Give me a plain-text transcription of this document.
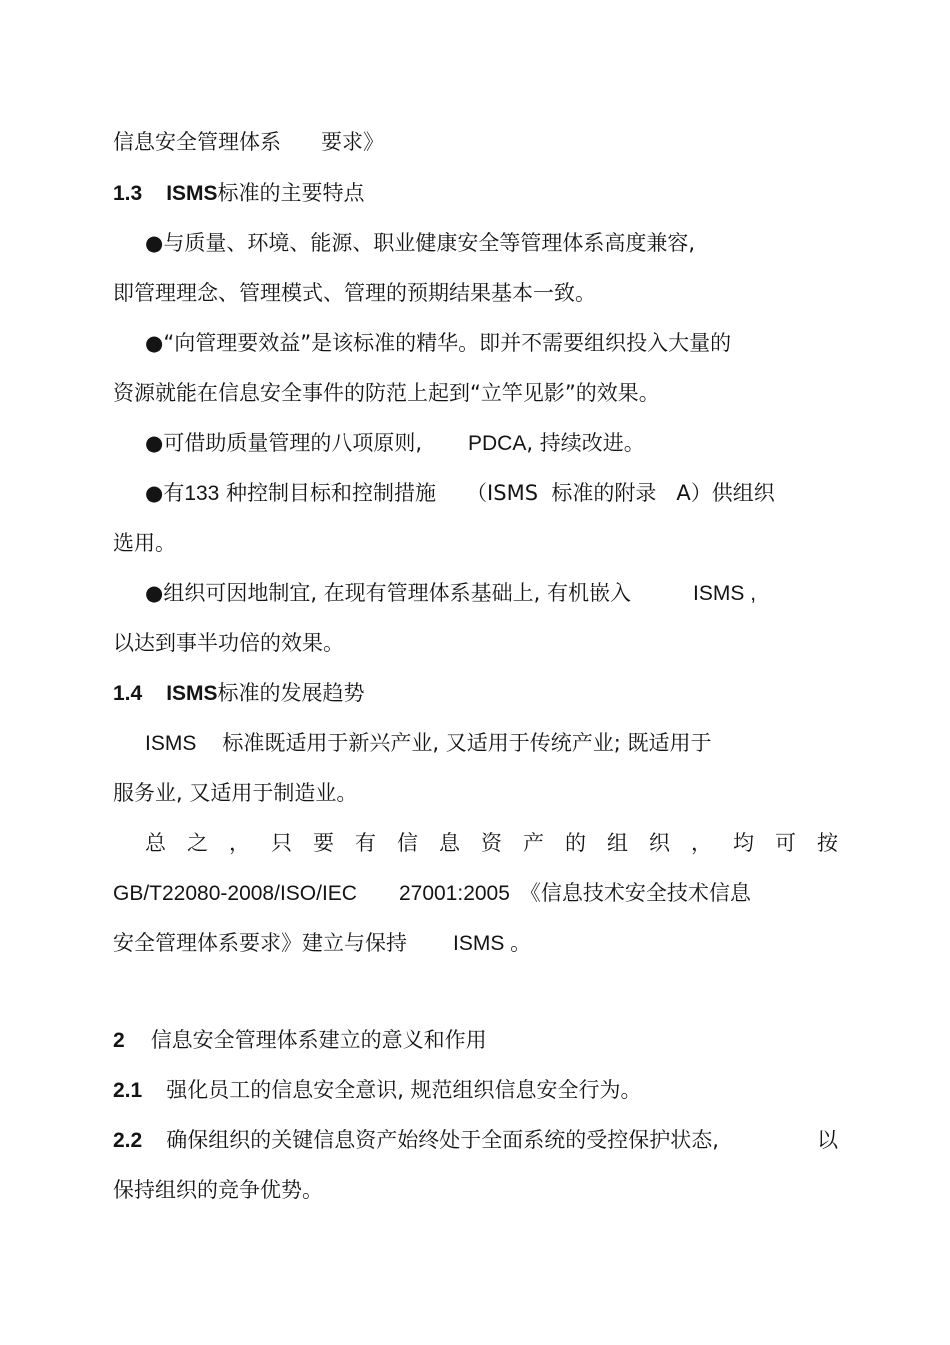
信息安全管理体系      要求》

1.3 ISMS标准的主要特点

●与质量、环境、能源、职业健康安全等管理体系高度兼容,

即管理理念、管理模式、管理的预期结果基本一致。

●“向管理要效益”是该标准的精华。即并不需要组织投入大量的

资源就能在信息安全事件的防范上起到“立竿见影”的效果。

●可借助质量管理的八项原则, PDCA, 持续改进。

●有133 种控制目标和控制措施 （ISMS  标准的附录 A）供组织

选用。

●组织可因地制宜, 在现有管理体系基础上, 有机嵌入	ISMS ,

以达到事半功倍的效果。

1.4 ISMS标准的发展趋势

ISMS 标准既适用于新兴产业, 又适用于传统产业; 既适用于

服务业, 又适用于制造业。

总 之 ， 只 要 有 信 息 资 产 的 组 织 ， 均 可 按

GB/T22080-2008/ISO/IEC 27001:2005 《信息技术安全技术信息

安全管理体系要求》建立与保持 ISMS 。

2 信息安全管理体系建立的意义和作用

2.1 强化员工的信息安全意识, 规范组织信息安全行为。

2.2 确保组织的关键信息资产始终处于全面系统的受控保护状态,	以

保持组织的竞争优势。
